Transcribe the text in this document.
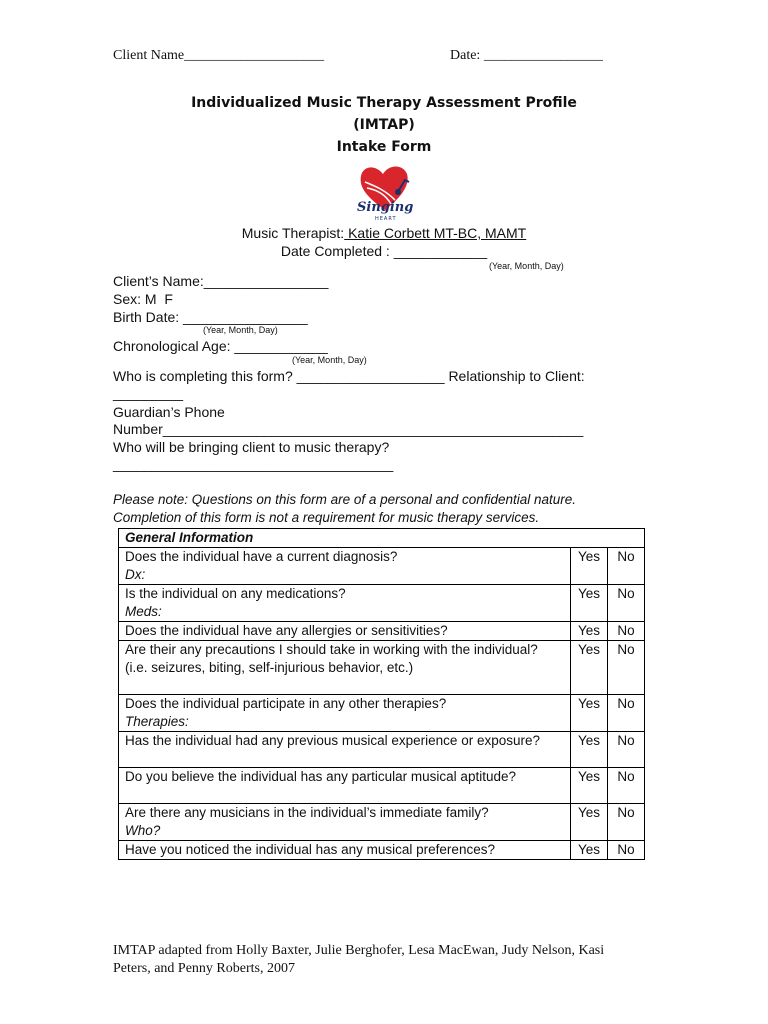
Client Name____________________	Date: _________________
Individualized Music Therapy Assessment Profile
(IMTAP)
Intake Form
Singing
HEART
Music Therapist: Katie Corbett MT-BC, MAMT
Date Completed : ____________
(Year, Month, Day)
Client’s Name:________________
Sex: M  F
Birth Date: ________________
(Year, Month, Day)
Chronological Age: ____________
(Year, Month, Day)
Who is completing this form? ___________________ Relationship to Client:
_________
Guardian’s Phone
Number______________________________________________________
Who will be bringing client to music therapy?
____________________________________
Please note: Questions on this form are of a personal and confidential nature.
Completion of this form is not a requirement for music therapy services.
General Information		
Does the individual have a current diagnosis?
Dx:	Yes	No
Is the individual on any medications?
Meds:	Yes	No
Does the individual have any allergies or sensitivities?	Yes	No
Are their any precautions I should take in working with the individual?
(i.e. seizures, biting, self-injurious behavior, etc.)	Yes	No
Does the individual participate in any other therapies?
Therapies:	Yes	No
Has the individual had any previous musical experience or exposure?	Yes	No
Do you believe the individual has any particular musical aptitude?	Yes	No
Are there any musicians in the individual’s immediate family?
Who?	Yes	No
Have you noticed the individual has any musical preferences?	Yes	No
IMTAP adapted from Holly Baxter, Julie Berghofer, Lesa MacEwan, Judy Nelson, Kasi
Peters, and Penny Roberts, 2007
